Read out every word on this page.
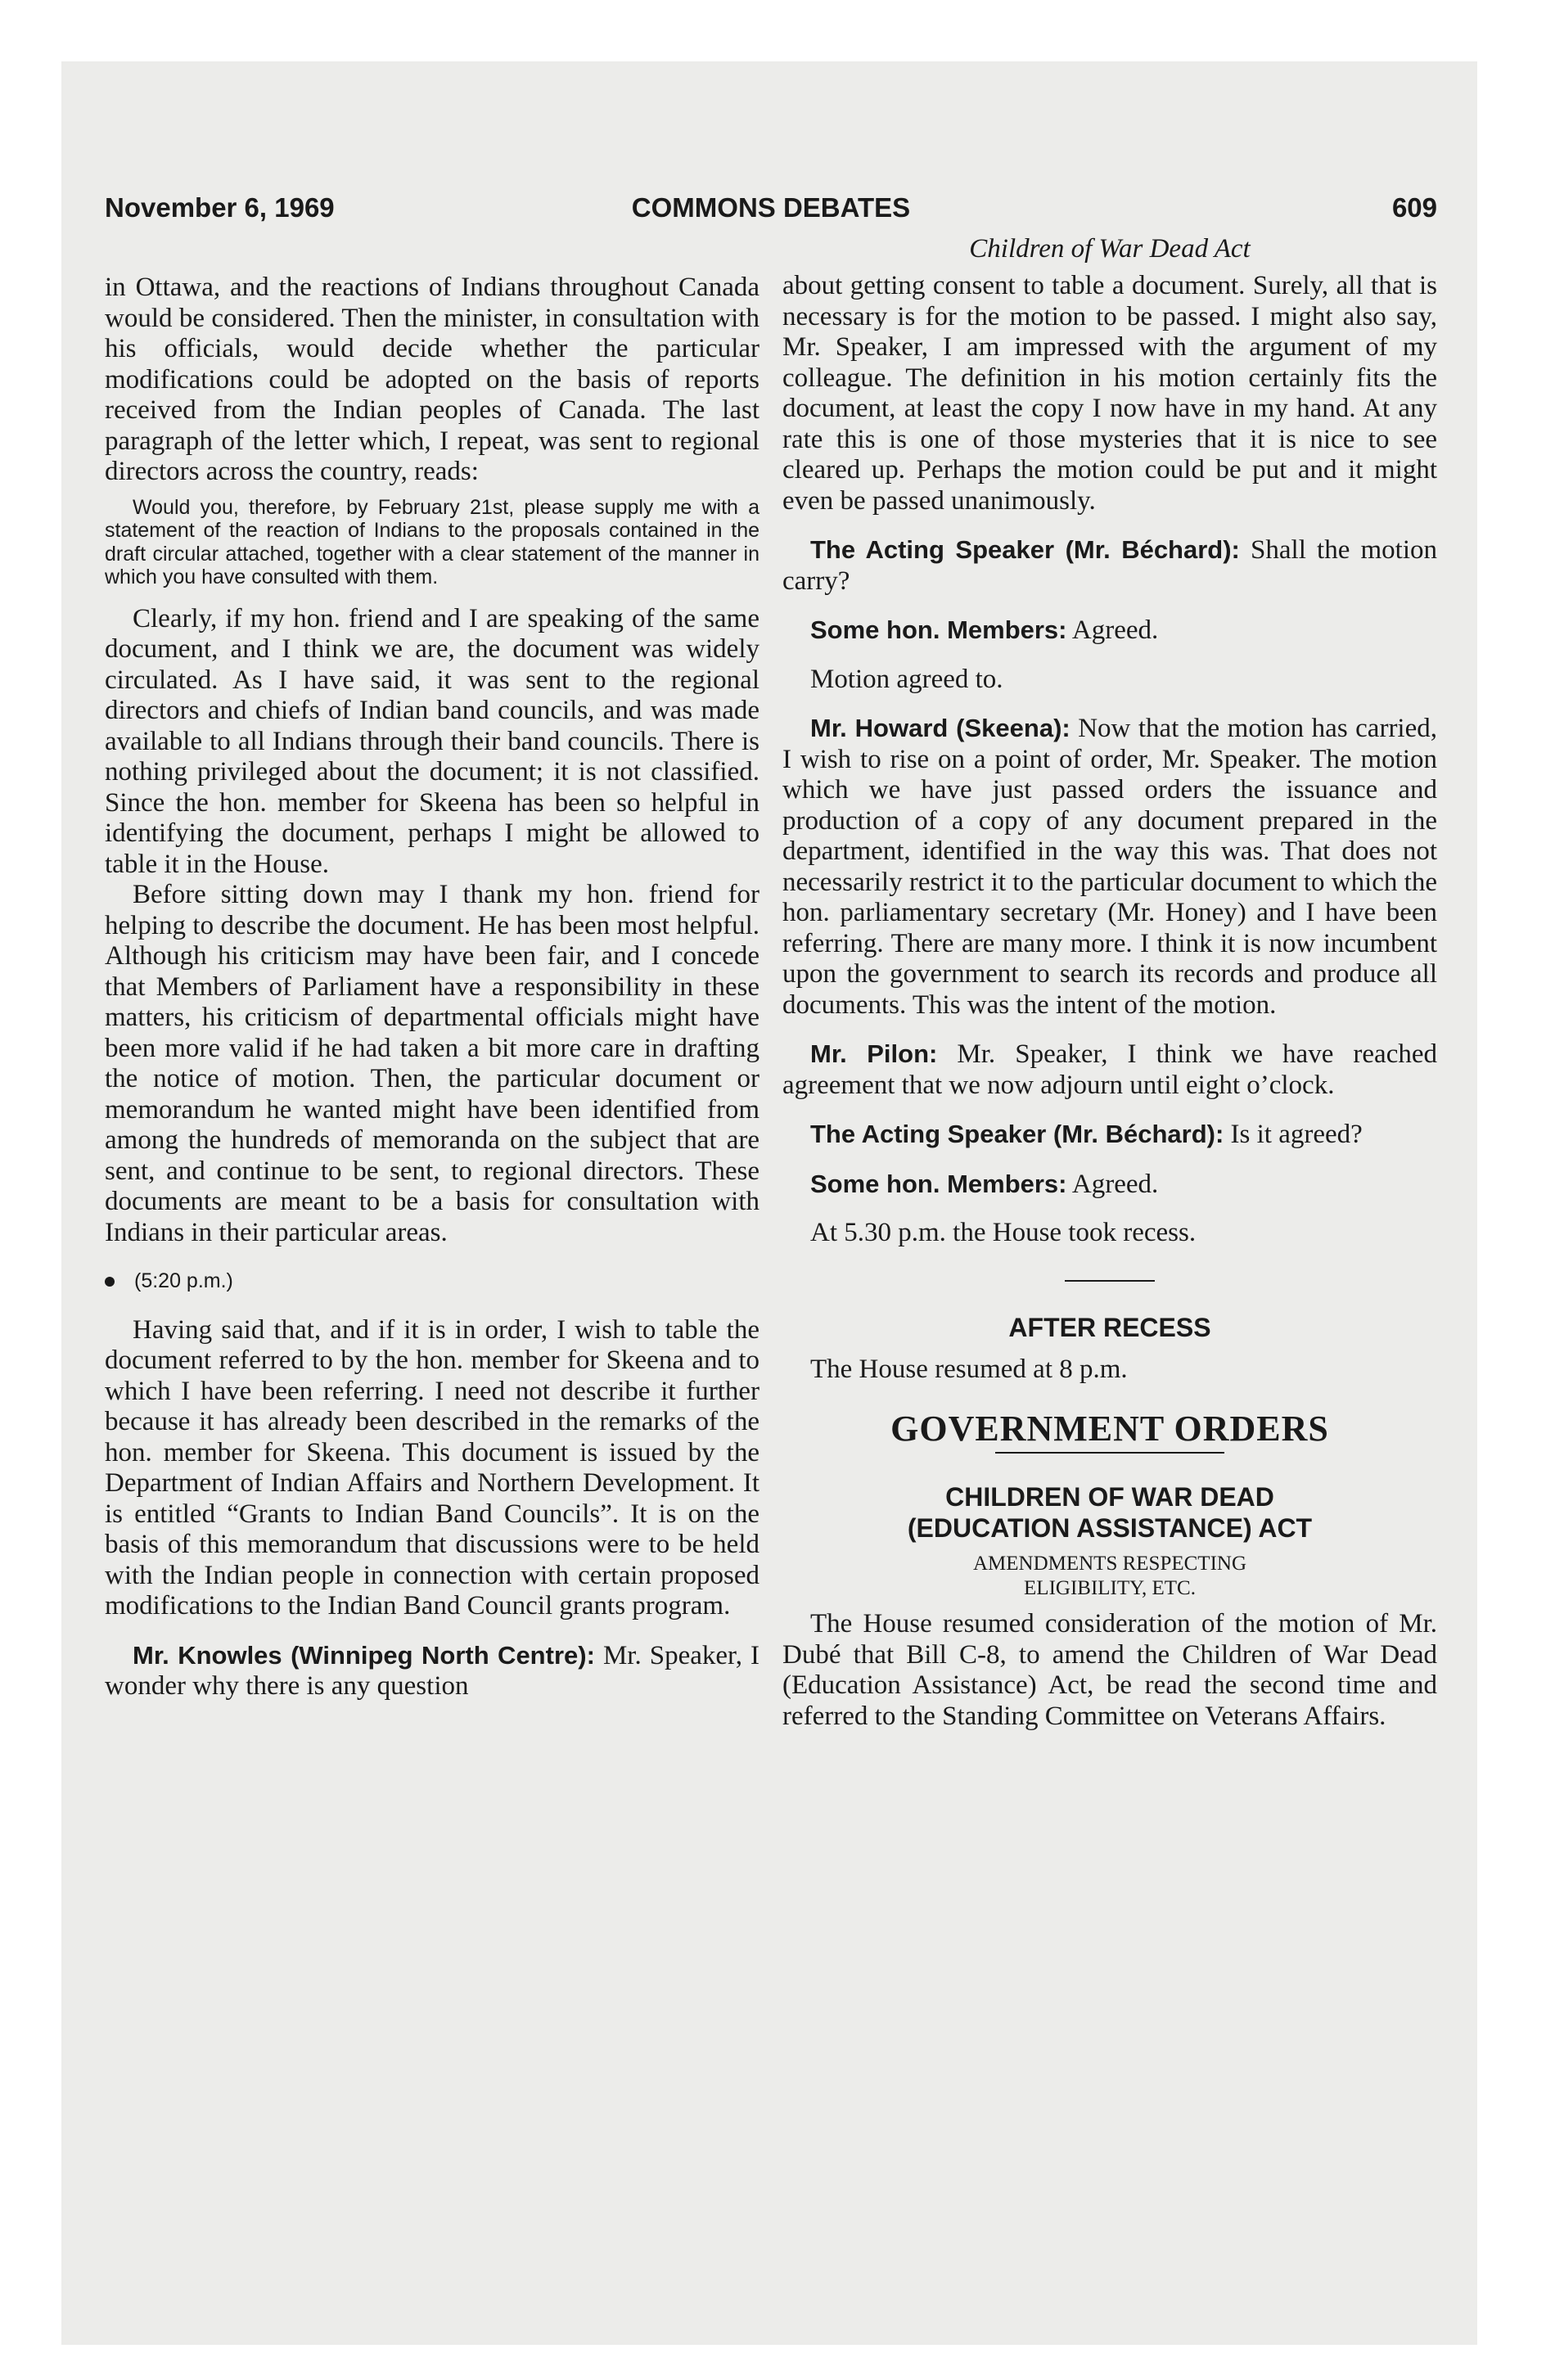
November 6, 1969	COMMONS DEBATES	609

in Ottawa, and the reactions of Indians throughout Canada would be considered. Then the minister, in consultation with his officials, would decide whether the particular modifications could be adopted on the basis of reports received from the Indian peoples of Canada. The last paragraph of the letter which, I repeat, was sent to regional directors across the country, reads:

Would you, therefore, by February 21st, please supply me with a statement of the reaction of Indians to the proposals contained in the draft circular attached, together with a clear statement of the manner in which you have consulted with them.

Clearly, if my hon. friend and I are speaking of the same document, and I think we are, the document was widely circulated. As I have said, it was sent to the regional directors and chiefs of Indian band councils, and was made available to all Indians through their band councils. There is nothing privileged about the document; it is not classified. Since the hon. member for Skeena has been so helpful in identifying the document, perhaps I might be allowed to table it in the House.

Before sitting down may I thank my hon. friend for helping to describe the document. He has been most helpful. Although his criticism may have been fair, and I concede that Members of Parliament have a responsibility in these matters, his criticism of departmental officials might have been more valid if he had taken a bit more care in drafting the notice of motion. Then, the particular document or memorandum he wanted might have been identified from among the hundreds of memoranda on the subject that are sent, and continue to be sent, to regional directors. These documents are meant to be a basis for consultation with Indians in their particular areas.

(5:20 p.m.)

Having said that, and if it is in order, I wish to table the document referred to by the hon. member for Skeena and to which I have been referring. I need not describe it further because it has already been described in the remarks of the hon. member for Skeena. This document is issued by the Department of Indian Affairs and Northern Development. It is entitled “Grants to Indian Band Councils”. It is on the basis of this memorandum that discussions were to be held with the Indian people in connection with certain proposed modifications to the Indian Band Council grants program.

Mr. Knowles (Winnipeg North Centre): Mr. Speaker, I wonder why there is any question

Children of War Dead Act

about getting consent to table a document. Surely, all that is necessary is for the motion to be passed. I might also say, Mr. Speaker, I am impressed with the argument of my colleague. The definition in his motion certainly fits the document, at least the copy I now have in my hand. At any rate this is one of those mysteries that it is nice to see cleared up. Perhaps the motion could be put and it might even be passed unanimously.

The Acting Speaker (Mr. Béchard): Shall the motion carry?

Some hon. Members: Agreed.

Motion agreed to.

Mr. Howard (Skeena): Now that the motion has carried, I wish to rise on a point of order, Mr. Speaker. The motion which we have just passed orders the issuance and production of a copy of any document prepared in the department, identified in the way this was. That does not necessarily restrict it to the particular document to which the hon. parliamentary secretary (Mr. Honey) and I have been referring. There are many more. I think it is now incumbent upon the government to search its records and produce all documents. This was the intent of the motion.

Mr. Pilon: Mr. Speaker, I think we have reached agreement that we now adjourn until eight o’clock.

The Acting Speaker (Mr. Béchard): Is it agreed?

Some hon. Members: Agreed.

At 5.30 p.m. the House took recess.

AFTER RECESS

The House resumed at 8 p.m.

GOVERNMENT ORDERS
CHILDREN OF WAR DEAD
(EDUCATION ASSISTANCE) ACT
AMENDMENTS RESPECTING
ELIGIBILITY, ETC.

The House resumed consideration of the motion of Mr. Dubé that Bill C-8, to amend the Children of War Dead (Education Assistance) Act, be read the second time and referred to the Standing Committee on Veterans Affairs.
